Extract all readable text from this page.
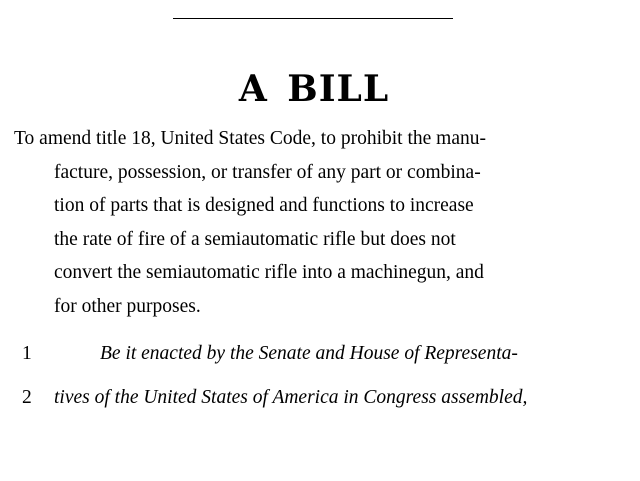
A BILL
To amend title 18, United States Code, to prohibit the manu-
facture, possession, or transfer of any part or combina-
tion of parts that is designed and functions to increase
the rate of fire of a semiautomatic rifle but does not
convert the semiautomatic rifle into a machinegun, and
for other purposes.
1	Be it enacted by the Senate and House of Representa-
2	tives of the United States of America in Congress assembled,
